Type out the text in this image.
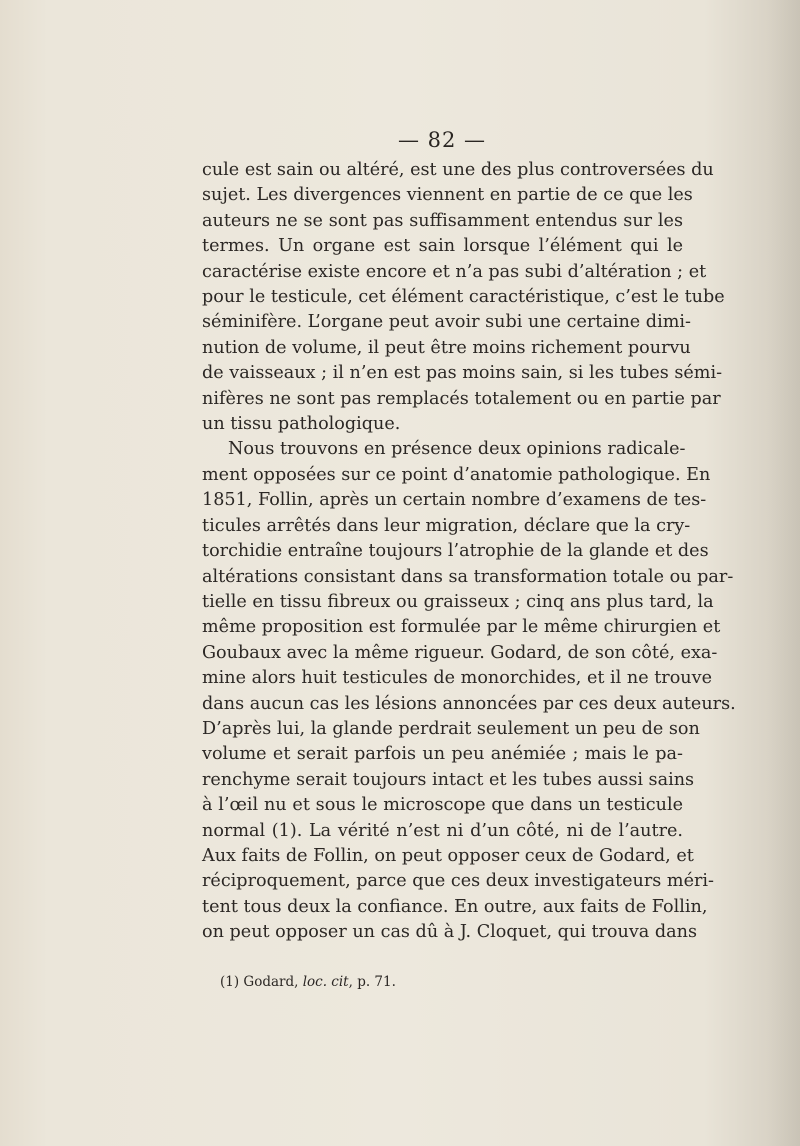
— 82 —
cule est sain ou altéré, est une des plus controversées du
sujet. Les divergences viennent en partie de ce que les
auteurs ne se sont pas suffisamment entendus sur les
termes. Un organe est sain lorsque l’élément qui le
caractérise existe encore et n’a pas subi d’altération ; et
pour le testicule, cet élément caractéristique, c’est le tube
séminifère. L’organe peut avoir subi une certaine dimi-
nution de volume, il peut être moins richement pourvu
de vaisseaux ; il n’en est pas moins sain, si les tubes sémi-
nifères ne sont pas remplacés totalement ou en partie par
un tissu pathologique.
Nous trouvons en présence deux opinions radicale-
ment opposées sur ce point d’anatomie pathologique. En
1851, Follin, après un certain nombre d’examens de tes-
ticules arrêtés dans leur migration, déclare que la cry-
torchidie entraîne toujours l’atrophie de la glande et des
altérations consistant dans sa transformation totale ou par-
tielle en tissu fibreux ou graisseux ; cinq ans plus tard, la
même proposition est formulée par le même chirurgien et
Goubaux avec la même rigueur. Godard, de son côté, exa-
mine alors huit testicules de monorchides, et il ne trouve
dans aucun cas les lésions annoncées par ces deux auteurs.
D’après lui, la glande perdrait seulement un peu de son
volume et serait parfois un peu anémiée ; mais le pa-
renchyme serait toujours intact et les tubes aussi sains
à l’œil nu et sous le microscope que dans un testicule
normal (1). La vérité n’est ni d’un côté, ni de l’autre.
Aux faits de Follin, on peut opposer ceux de Godard, et
réciproquement, parce que ces deux investigateurs méri-
tent tous deux la confiance. En outre, aux faits de Follin,
on peut opposer un cas dû à J. Cloquet, qui trouva dans
(1) Godard, loc. cit, p. 71.
